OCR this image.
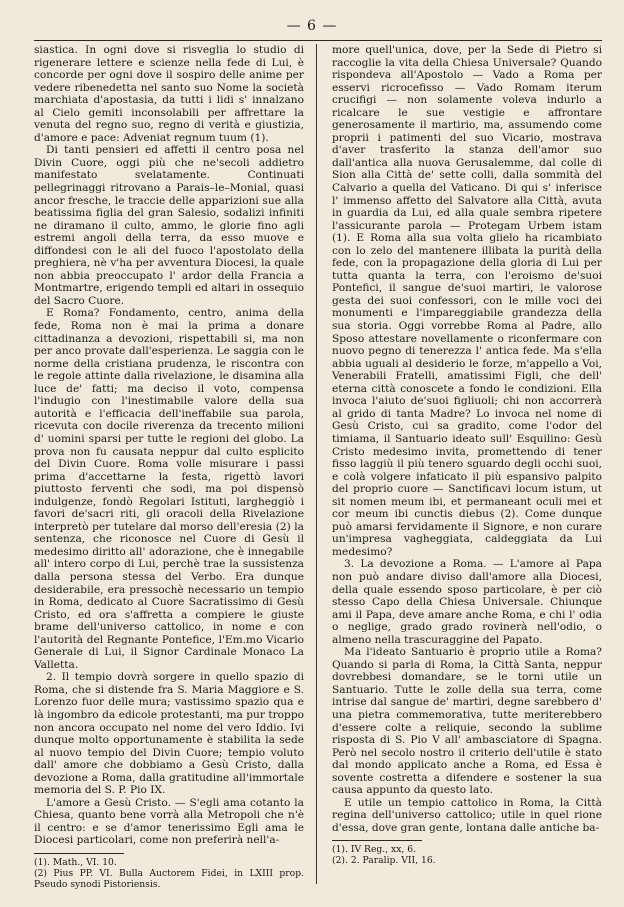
— 6 —

siastica. In ogni dove si risveglia lo studio di rigenerare lettere e scienze nella fede di Lui, è concorde per ogni dove il sospiro delle anime per vedere ribenedetta nel santo suo Nome la società marchiata d'apostasia, da tutti i lidi s' innalzano al Cielo gemiti inconsolabili per affrettare la venuta del regno suo, regno di verità e giustizia, d'amore e pace: Adveniat regnum tuum (1).

Di tanti pensieri ed affetti il centro posa nel Divin Cuore, oggi più che ne'secoli addietro manifestato svelatamente. Continuati pellegrinaggi ritrovano a Parais–le–Monial, quasi ancor fresche, le traccie delle apparizioni sue alla beatissima figlia del gran Salesio, sodalizi infiniti ne diramano il culto, ammo, le glorie fino agli estremi angoli della terra, da esso muove e diffondesi con le ali del fuoco l'apostolato della preghiera, nè v'ha per avventura Diocesi, la quale non abbia preoccupato l' ardor della Francia a Montmartre, erigendo templi ed altari in ossequio del Sacro Cuore.

E Roma? Fondamento, centro, anima della fede, Roma non è mai la prima a donare cittadinanza a devozioni, rispettabili si, ma non per anco provate dall'esperienza. Le saggia con le norme della cristiana prudenza, le riscontra con le regole attinte dalla rivelazione, le disamina alla luce de' fatti; ma deciso il voto, compensa l'indugio con l'inestimabile valore della sua autorità e l'efficacia dell'ineffabile sua parola, ricevuta con docile riverenza da trecento milioni d' uomini sparsi per tutte le regioni del globo. La prova non fu causata neppur dal culto esplicito del Divin Cuore. Roma volle misurare i passi prima d'accettarne la festa, rigettò lavori piuttosto ferventi che sodi, ma poi dispensò indulgenze, fondò Regolari Istituti, largheggiò i favori de'sacri riti, gli oracoli della Rivelazione interpretò per tutelare dal morso dell'eresia (2) la sentenza, che riconosce nel Cuore di Gesù il medesimo diritto all' adorazione, che è innegabile all' intero corpo di Lui, perchè trae la sussistenza dalla persona stessa del Verbo. Era dunque desiderabile, era pressochè necessario un tempio in Roma, dedicato al Cuore Sacratissimo di Gesù Cristo, ed ora s'affretta a compiere le giuste brame dell'universo cattolico, in nome e con l'autorità del Regnante Pontefice, l'Em.mo Vicario Generale di Lui, il Signor Cardinale Monaco La Valletta.

2. Il tempio dovrà sorgere in quello spazio di Roma, che si distende fra S. Maria Maggiore e S. Lorenzo fuor delle mura; vastissimo spazio qua e là ingombro da edicole protestanti, ma pur troppo non ancora occupato nel nome del vero Iddio. Ivi dunque molto opportunamente è stabilita la sede al nuovo tempio del Divin Cuore; tempio voluto dall' amore che dobbiamo a Gesù Cristo, dalla devozione a Roma, dalla gratitudine all'immortale memoria del S. P. Pio IX.

L'amore a Gesù Cristo. — S'egli ama cotanto la Chiesa, quanto bene vorrà alla Metropoli che n'è il centro: e se d'amor tenerissimo Egli ama le Diocesi particolari, come non preferirà nell'a-

(1). Math., VI. 10.

(2) Pius PP. VI. Bulla Auctorem Fidei, in LXIII prop. Pseudo synodi Pistoriensis.

more quell'unica, dove, per la Sede di Pietro si raccoglie la vita della Chiesa Universale? Quando rispondeva all'Apostolo — Vado a Roma per esservi ricrocefisso — Vado Romam iterum crucifigi — non solamente voleva indurlo a ricalcare le sue vestigie e affrontare generosamente il martirio, ma, assumendo come proprii i patimenti del suo Vicario, mostrava d'aver trasferito la stanza dell'amor suo dall'antica alla nuova Gerusalemme, dal colle di Sion alla Città de' sette colli, dalla sommità del Calvario a quella del Vaticano. Di qui s' inferisce l' immenso affetto del Salvatore alla Città, avuta in guardia da Lui, ed alla quale sembra ripetere l'assicurante parola — Protegam Urbem istam (1). E Roma alla sua volta glielo ha ricambiato con lo zelo del mantenere illibata la purità della fede, con la propagazione della gloria di Lui per tutta quanta la terra, con l'eroismo de'suoi Pontefici, il sangue de'suoi martiri, le valorose gesta dei suoi confessori, con le mille voci dei monumenti e l'impareggiabile grandezza della sua storia. Oggi vorrebbe Roma al Padre, allo Sposo attestare novellamente o riconfermare con nuovo pegno di tenerezza l' antica fede. Ma s'ella abbia uguali al desiderio le forze, m'appello a Voi, Venerabili Fratelli, amatissimi Figli, che dell' eterna città conoscete a fondo le condizioni. Ella invoca l'aiuto de'suoi figliuoli; chi non accorrerà al grido di tanta Madre? Lo invoca nel nome di Gesù Cristo, cui sa gradito, come l'odor del timiama, il Santuario ideato sull' Esquilino: Gesù Cristo medesimo invita, promettendo di tener fisso laggiù il più tenero sguardo degli occhi suoi, e colà volgere infaticato il più espansivo palpito del proprio cuore — Sanctificavi locum istum, ut sit nomen meum ibi, et permaneant oculi mei et cor meum ibi cunctis diebus (2). Come dunque può amarsi fervidamente il Signore, e non curare un'impresa vagheggiata, caldeggiata da Lui medesimo?

3. La devozione a Roma. — L'amore al Papa non può andare diviso dall'amore alla Diocesi, della quale essendo sposo particolare, è per ciò stesso Capo della Chiesa Universale. Chiunque ami il Papa, deve amare anche Roma, e chi l' odia o neglige, grado grado rovinerà nell'odio, o almeno nella trascuraggine del Papato.

Ma l'ideato Santuario è proprio utile a Roma? Quando si parla di Roma, la Città Santa, neppur dovrebbesi domandare, se le torni utile un Santuario. Tutte le zolle della sua terra, come intrise dal sangue de' martiri, degne sarebbero d' una pietra commemorativa, tutte meriterebbero d'essere colte a reliquie, secondo la sublime risposta di S. Pio V all' ambasciatore di Spagna. Però nel secolo nostro il criterio dell'utile è stato dal mondo applicato anche a Roma, ed Essa è sovente costretta a difendere e sostener la sua causa appunto da questo lato.

E utile un tempio cattolico in Roma, la Città regina dell'universo cattolico; utile in quel rione d'essa, dove gran gente, lontana dalle antiche ba-

(1). IV Reg., xx, 6.

(2). 2. Paralip. VII, 16.
